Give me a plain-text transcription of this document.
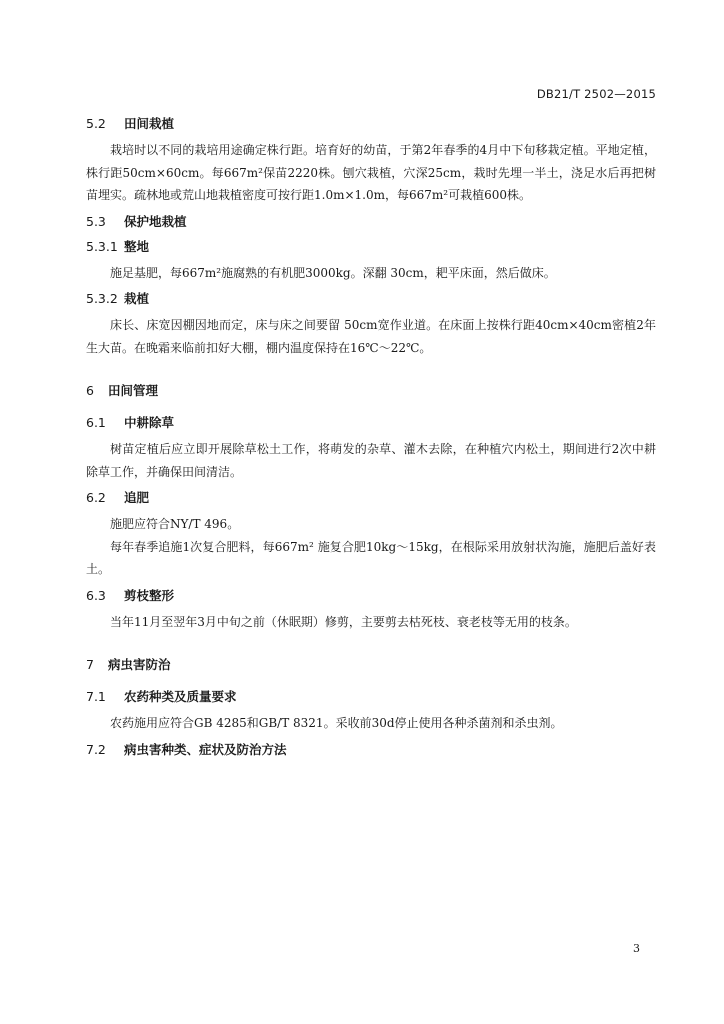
DB21/T 2502—2015
5.2 田间栽植

栽培时以不同的栽培用途确定株行距。培育好的幼苗，于第2年春季的4月中下旬移栽定植。平地定植，株行距50cm×60cm。每667m²保苗2220株。刨穴栽植，穴深25cm，栽时先埋一半土，浇足水后再把树苗埋实。疏林地或荒山地栽植密度可按行距1.0m×1.0m，每667m²可栽植600株。

5.3 保护地栽植
5.3.1 整地

施足基肥，每667m²施腐熟的有机肥3000kg。深翻 30cm，耙平床面，然后做床。

5.3.2 栽植

床长、床宽因棚因地而定，床与床之间要留 50cm宽作业道。在床面上按株行距40cm×40cm密植2年生大苗。在晚霜来临前扣好大棚，棚内温度保持在16℃～22℃。

6 田间管理
6.1 中耕除草

树苗定植后应立即开展除草松土工作，将萌发的杂草、灌木去除，在种植穴内松土，期间进行2次中耕除草工作，并确保田间清洁。

6.2 追肥

施肥应符合NY/T 496。

每年春季追施1次复合肥料，每667m² 施复合肥10kg～15kg，在根际采用放射状沟施，施肥后盖好表土。

6.3 剪枝整形

当年11月至翌年3月中旬之前（休眠期）修剪，主要剪去枯死枝、衰老枝等无用的枝条。

7 病虫害防治
7.1 农药种类及质量要求

农药施用应符合GB 4285和GB/T 8321。采收前30d停止使用各种杀菌剂和杀虫剂。

7.2 病虫害种类、症状及防治方法
3
